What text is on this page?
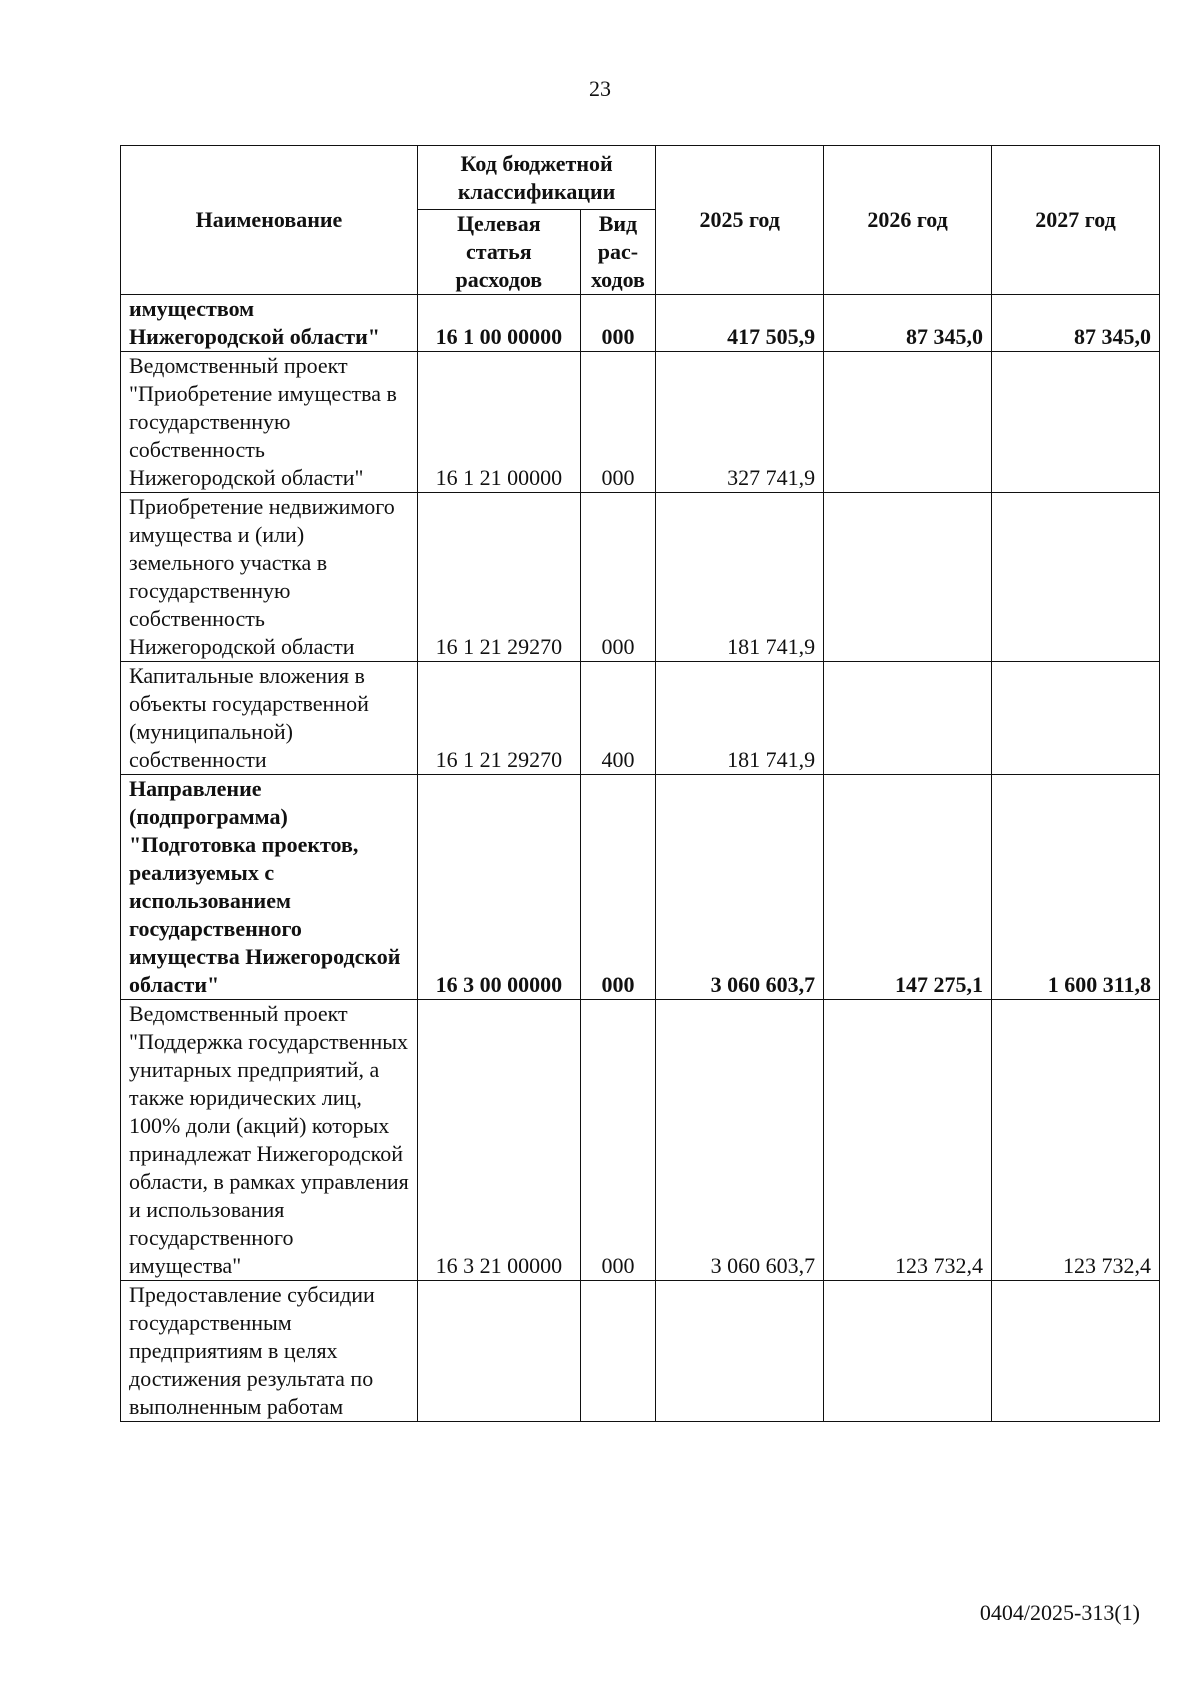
23
Наименование	Код бюджетной классификации		2025 год	2026 год	2027 год
	Целевая статья расходов	Вид рас-ходов			
имуществом Нижегородской области"	16 1 00 00000	000	417 505,9	87 345,0	87 345,0
Ведомственный проект "Приобретение имущества в государственную собственность Нижегородской области"	16 1 21 00000	000	327 741,9		
Приобретение недвижимого имущества и (или) земельного участка в государственную собственность Нижегородской области	16 1 21 29270	000	181 741,9		
Капитальные вложения в объекты государственной (муниципальной) собственности	16 1 21 29270	400	181 741,9		
Направление (подпрограмма) "Подготовка проектов, реализуемых с использованием государственного имущества Нижегородской области"	16 3 00 00000	000	3 060 603,7	147 275,1	1 600 311,8
Ведомственный проект "Поддержка государственных унитарных предприятий, а также юридических лиц, 100% доли (акций) которых принадлежат Нижегородской области, в рамках управления и использования государственного имущества"	16 3 21 00000	000	3 060 603,7	123 732,4	123 732,4
Предоставление субсидии государственным предприятиям в целях достижения результата по выполненным работам					
0404/2025-313(1)
